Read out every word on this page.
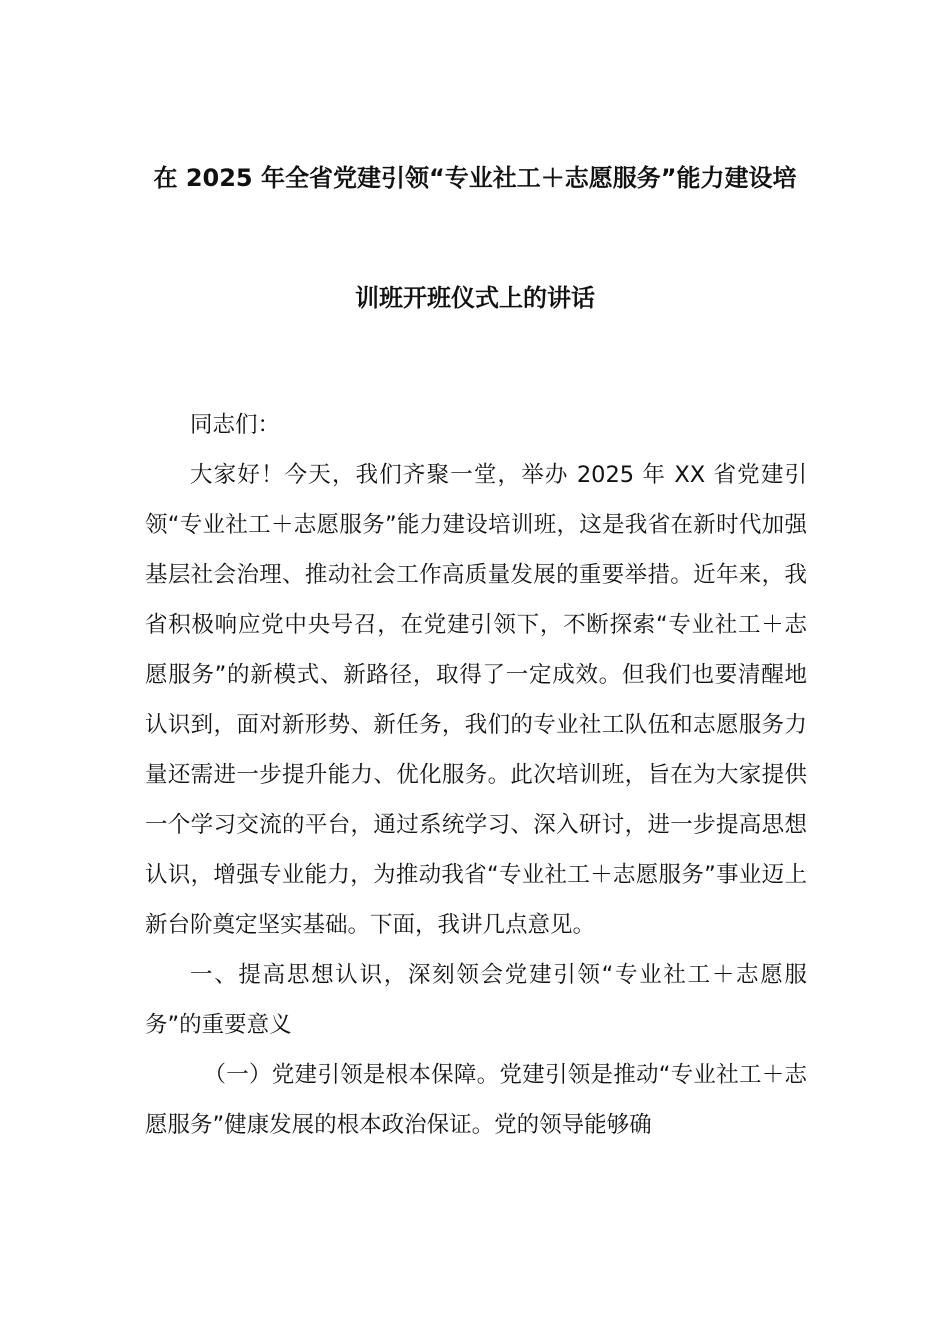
在 2025 年全省党建引领“专业社工＋志愿服务”能力建设培
训班开班仪式上的讲话

同志们：

大家好！今天，我们齐聚一堂，举办 2025 年 XX 省党建引领“专业社工＋志愿服务”能力建设培训班，这是我省在新时代加强基层社会治理、推动社会工作高质量发展的重要举措。近年来，我省积极响应党中央号召，在党建引领下，不断探索“专业社工＋志愿服务”的新模式、新路径，取得了一定成效。但我们也要清醒地认识到，面对新形势、新任务，我们的专业社工队伍和志愿服务力量还需进一步提升能力、优化服务。此次培训班，旨在为大家提供一个学习交流的平台，通过系统学习、深入研讨，进一步提高思想认识，增强专业能力，为推动我省“专业社工＋志愿服务”事业迈上新台阶奠定坚实基础。下面，我讲几点意见。

一、提高思想认识，深刻领会党建引领“专业社工＋志愿服务”的重要意义

（一）党建引领是根本保障。党建引领是推动“专业社工＋志愿服务”健康发展的根本政治保证。党的领导能够确
